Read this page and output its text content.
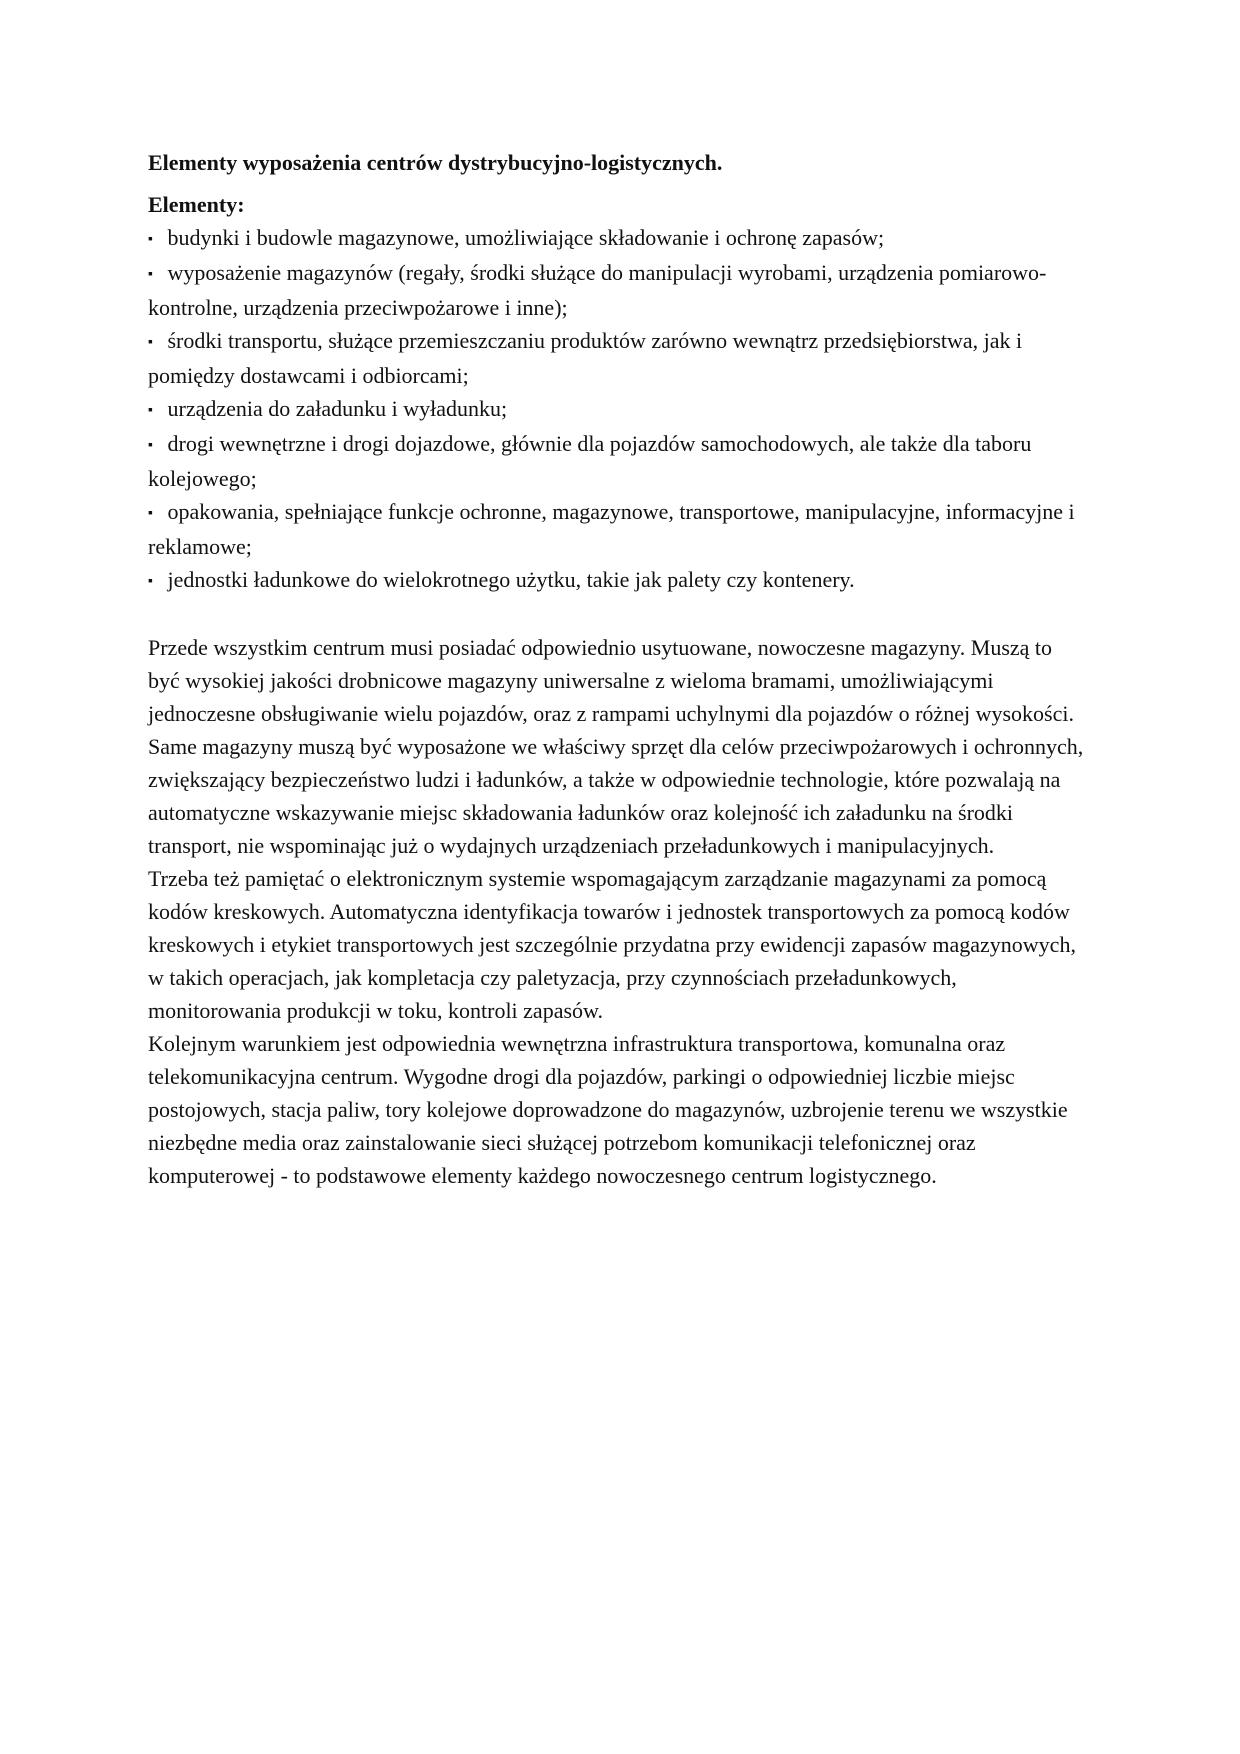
Elementy wyposażenia centrów dystrybucyjno-logistycznych.
Elementy:
▪ budynki i budowle magazynowe, umożliwiające składowanie i ochronę zapasów;
▪ wyposażenie magazynów (regały, środki służące do manipulacji wyrobami, urządzenia pomiarowo-kontrolne, urządzenia przeciwpożarowe i inne);
▪ środki transportu, służące przemieszczaniu produktów zarówno wewnątrz przedsiębiorstwa, jak i pomiędzy dostawcami i odbiorcami;
▪ urządzenia do załadunku i wyładunku;
▪ drogi wewnętrzne i drogi dojazdowe, głównie dla pojazdów samochodowych, ale także dla taboru kolejowego;
▪ opakowania, spełniające funkcje ochronne, magazynowe, transportowe, manipulacyjne, informacyjne i reklamowe;
▪ jednostki ładunkowe do wielokrotnego użytku, takie jak palety czy kontenery.

Przede wszystkim centrum musi posiadać odpowiednio usytuowane, nowoczesne magazyny. Muszą to być wysokiej jakości drobnicowe magazyny uniwersalne z wieloma bramami, umożliwiającymi jednoczesne obsługiwanie wielu pojazdów, oraz z rampami uchylnymi dla pojazdów o różnej wysokości. Same magazyny muszą być wyposażone we właściwy sprzęt dla celów przeciwpożarowych i ochronnych, zwiększający bezpieczeństwo ludzi i ładunków, a także w odpowiednie technologie, które pozwalają na automatyczne wskazywanie miejsc składowania ładunków oraz kolejność ich załadunku na środki transport, nie wspominając już o wydajnych urządzeniach przeładunkowych i manipulacyjnych.

Trzeba też pamiętać o elektronicznym systemie wspomagającym zarządzanie magazynami za pomocą kodów kreskowych. Automatyczna identyfikacja towarów i jednostek transportowych za pomocą kodów kreskowych i etykiet transportowych jest szczególnie przydatna przy ewidencji zapasów magazynowych, w takich operacjach, jak kompletacja czy paletyzacja, przy czynnościach przeładunkowych, monitorowania produkcji w toku, kontroli zapasów.

Kolejnym warunkiem jest odpowiednia wewnętrzna infrastruktura transportowa, komunalna oraz telekomunikacyjna centrum. Wygodne drogi dla pojazdów, parkingi o odpowiedniej liczbie miejsc postojowych, stacja paliw, tory kolejowe doprowadzone do magazynów, uzbrojenie terenu we wszystkie niezbędne media oraz zainstalowanie sieci służącej potrzebom komunikacji telefonicznej oraz komputerowej - to podstawowe elementy każdego nowoczesnego centrum logistycznego.
